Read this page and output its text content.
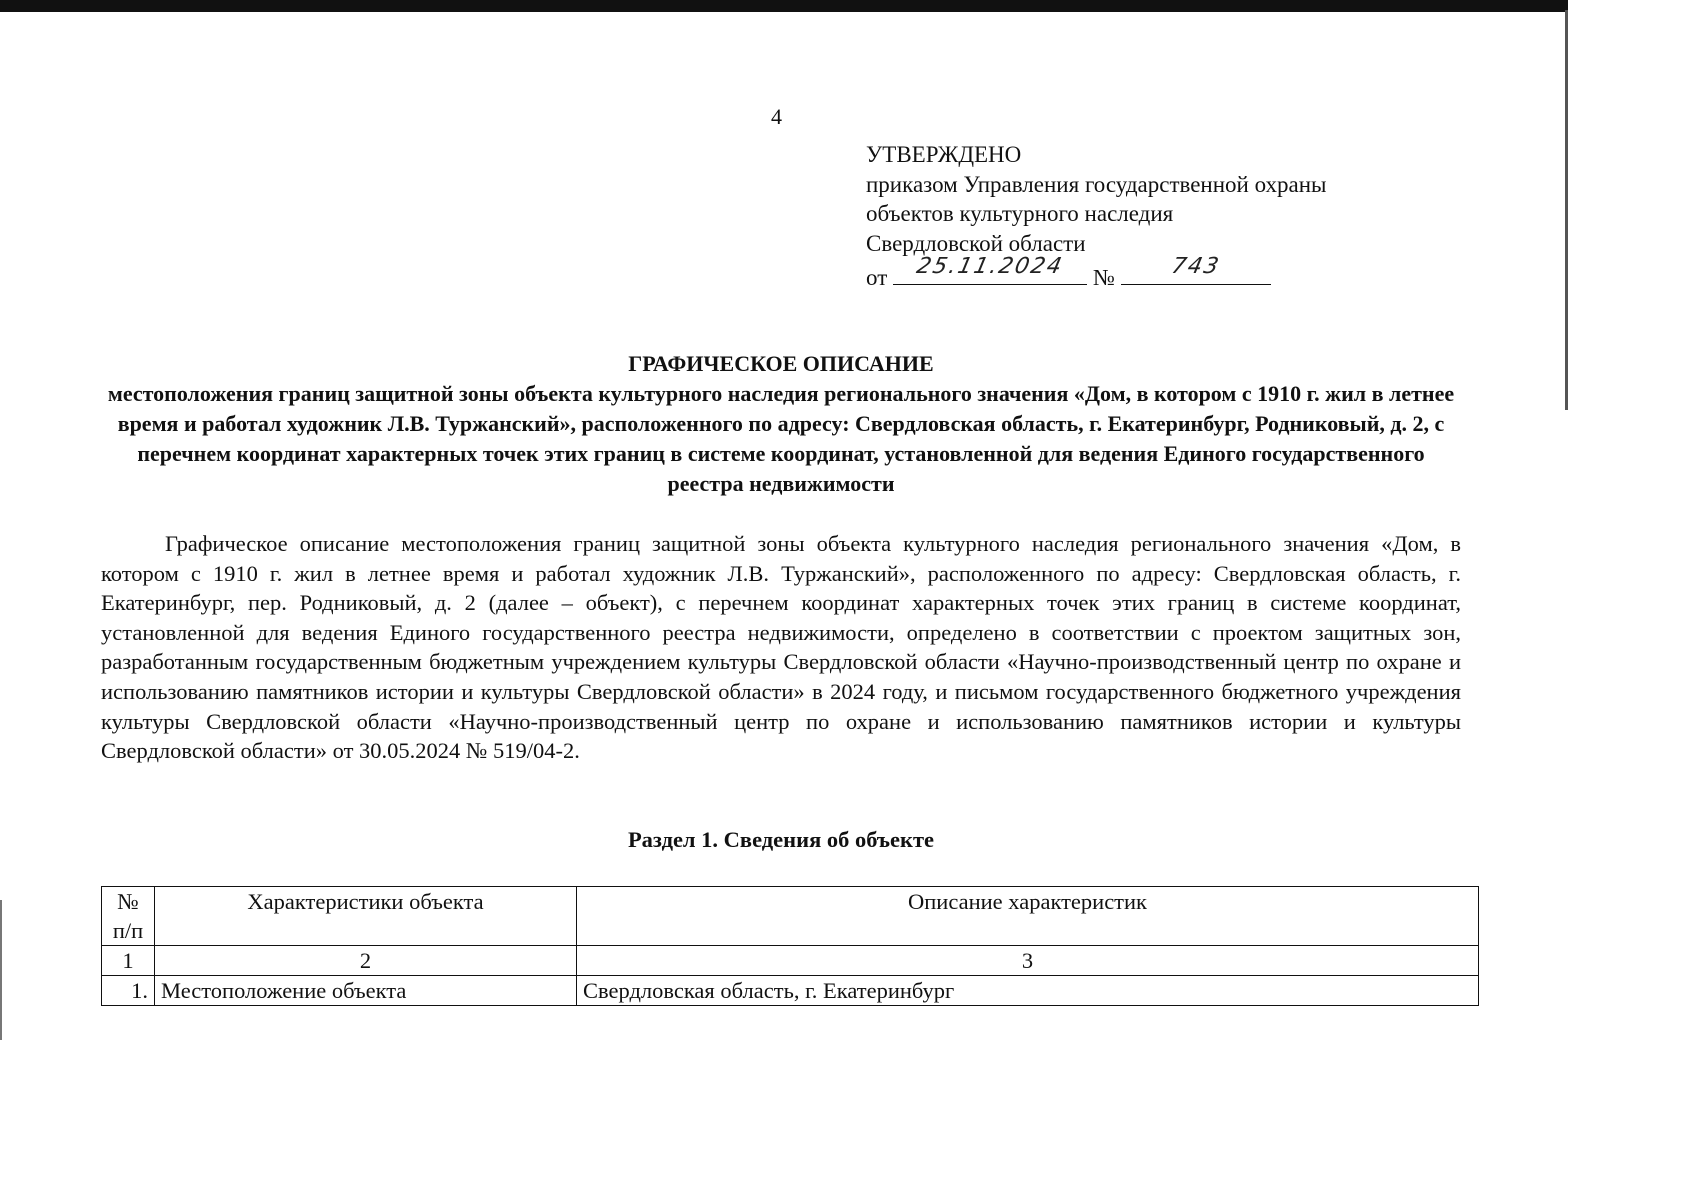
4
УТВЕРЖДЕНО
приказом Управления государственной охраны
объектов культурного наследия
Свердловской области
от	25.11.2024	№	743
ГРАФИЧЕСКОЕ ОПИСАНИЕ
местоположения границ защитной зоны объекта культурного наследия регионального значения «Дом, в котором с 1910 г. жил в летнее время и работал художник Л.В. Туржанский», расположенного по адресу: Свердловская область, г. Екатеринбург, Родниковый, д. 2, с перечнем координат характерных точек этих границ в системе координат, установленной для ведения Единого государственного реестра недвижимости
Графическое описание местоположения границ защитной зоны объекта культурного наследия регионального значения «Дом, в котором с 1910 г. жил в летнее время и работал художник Л.В. Туржанский», расположенного по адресу: Свердловская область, г. Екатеринбург, пер. Родниковый, д. 2 (далее – объект), с перечнем координат характерных точек этих границ в системе координат, установленной для ведения Единого государственного реестра недвижимости, определено в соответствии с проектом защитных зон, разработанным государственным бюджетным учреждением культуры Свердловской области «Научно-производственный центр по охране и использованию памятников истории и культуры Свердловской области» в 2024 году, и письмом государственного бюджетного учреждения культуры Свердловской области «Научно-производственный центр по охране и использованию памятников истории и культуры Свердловской области» от 30.05.2024 № 519/04-2.
Раздел 1. Сведения об объекте
№ п/п	Характеристики объекта	Описание характеристик
1	2	3
1.	Местоположение объекта	Свердловская область, г. Екатеринбург
